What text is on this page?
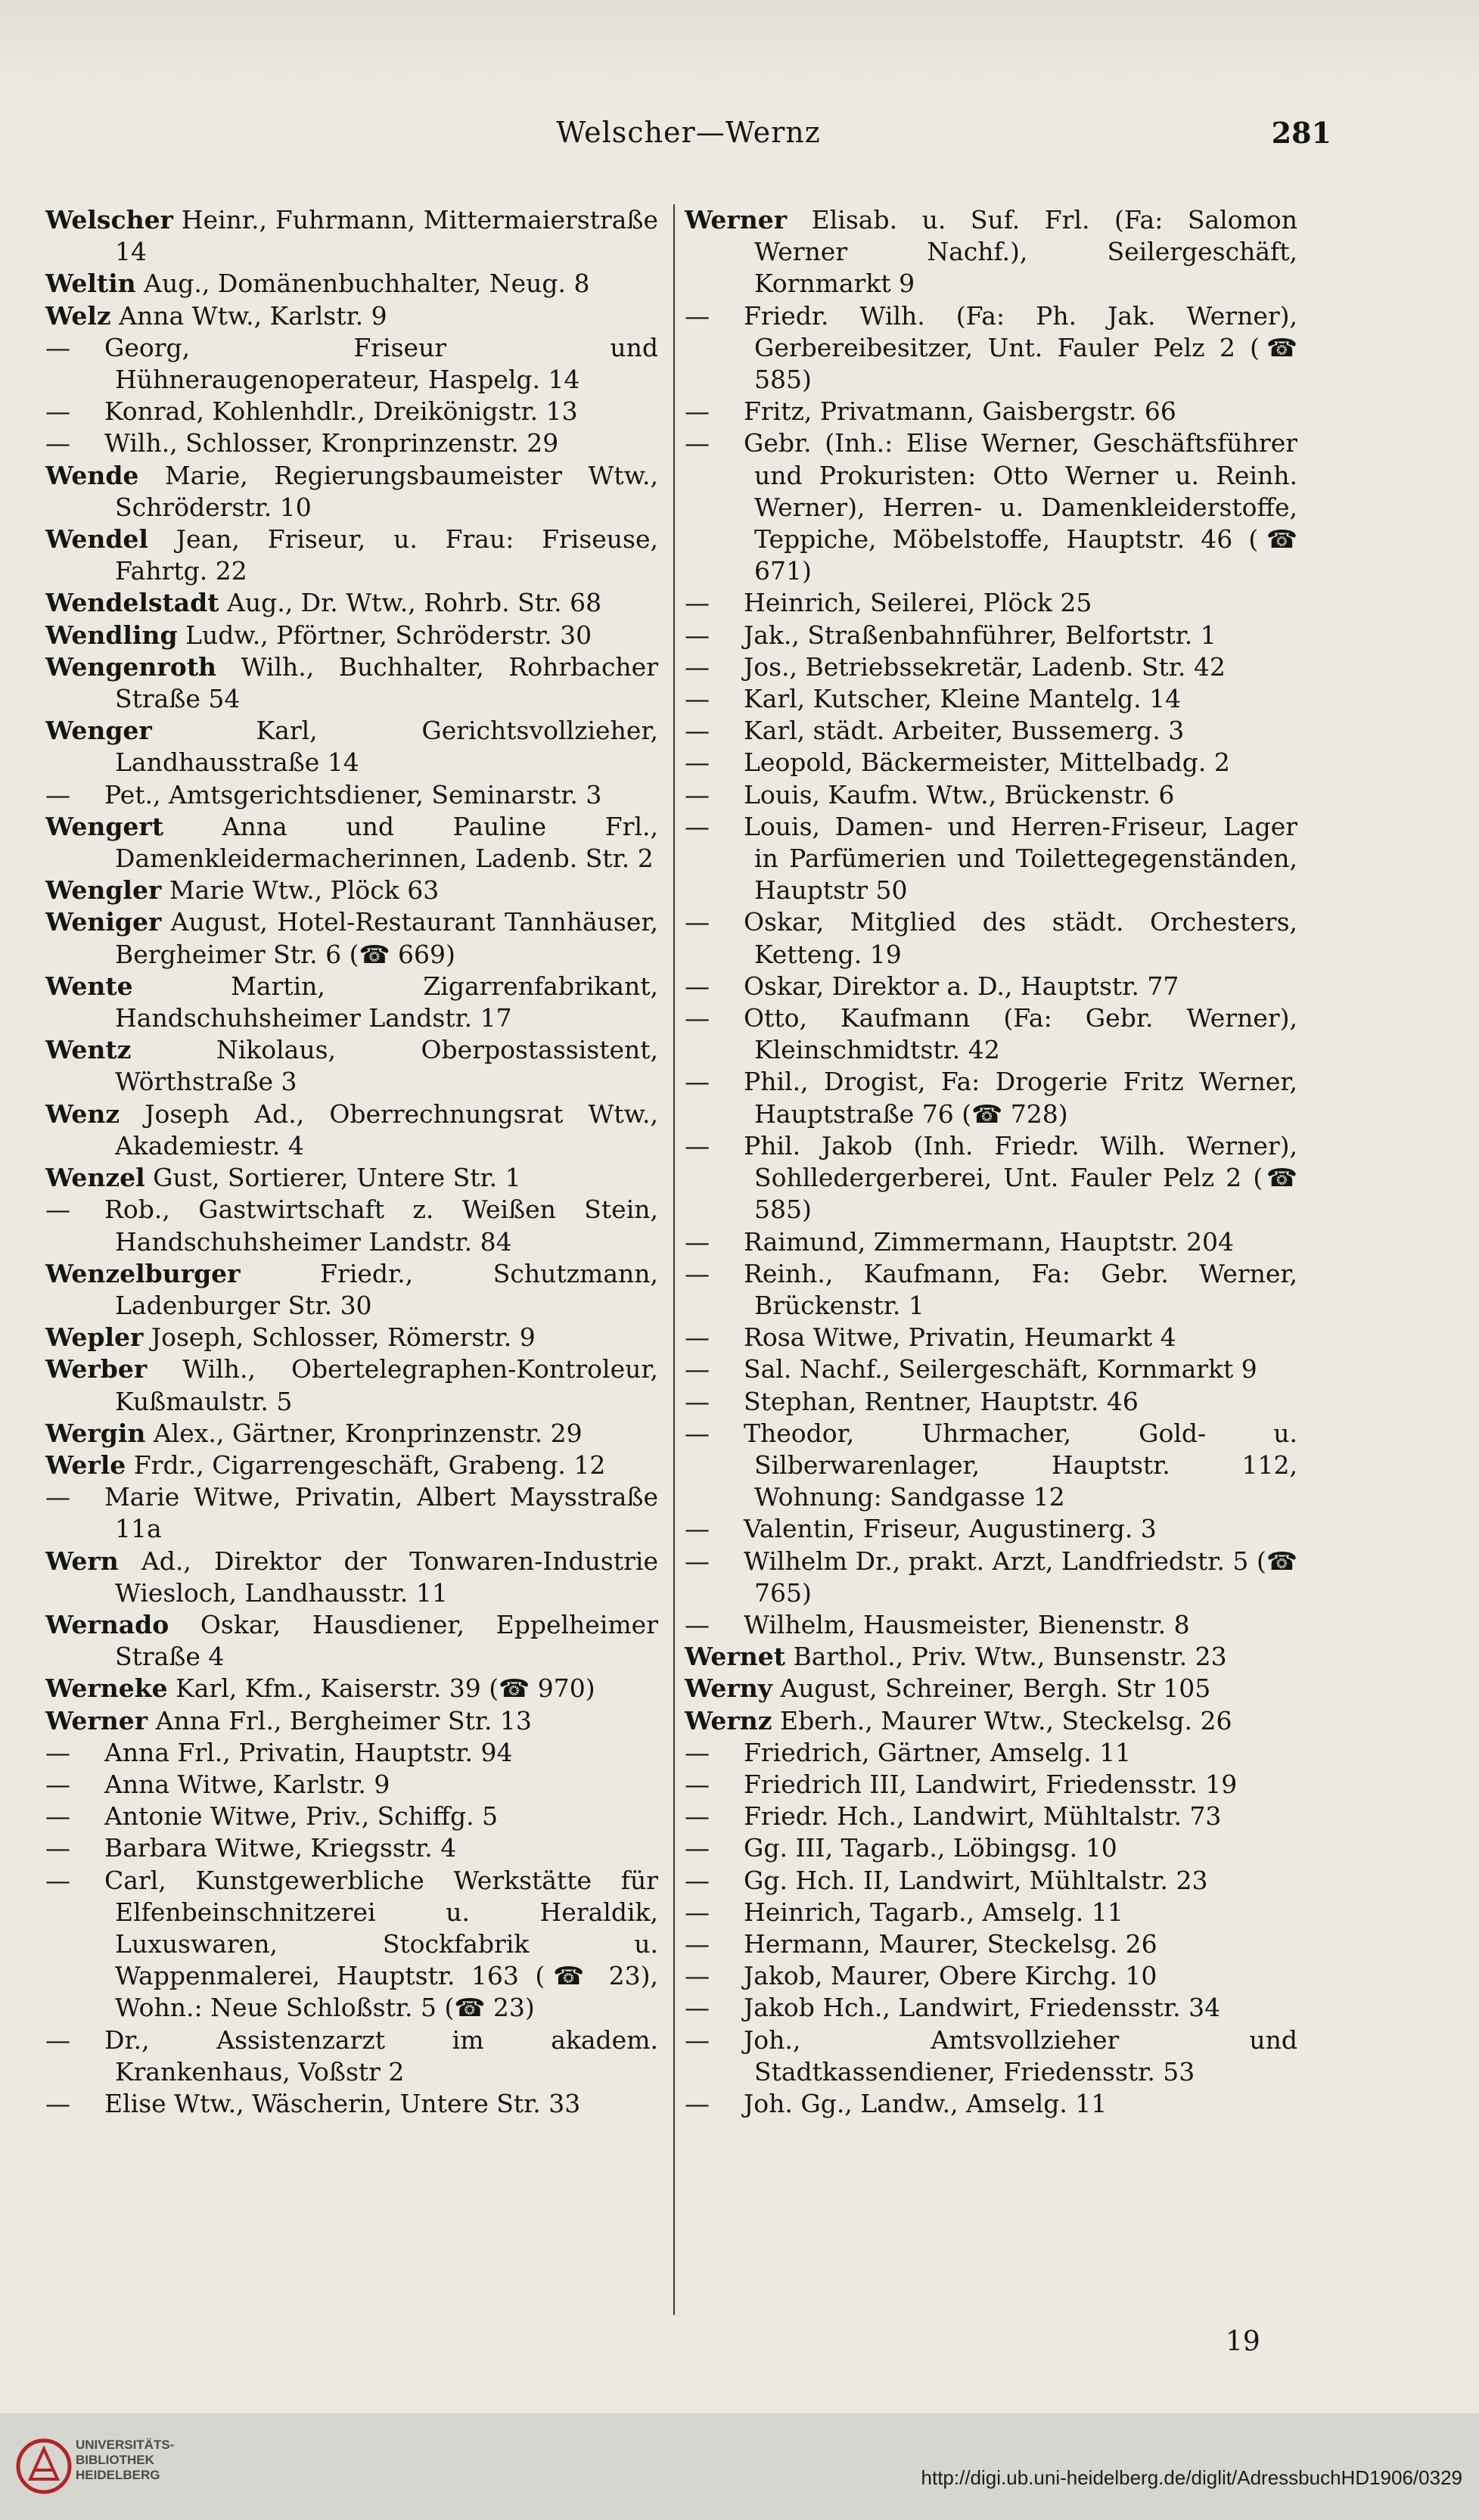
Welscher—Wernz	281
Welscher Heinr., Fuhrmann, Mittermaierstraße 14
Weltin Aug., Domänenbuchhalter, Neug. 8
Welz Anna Wtw., Karlstr. 9
— Georg, Friseur und Hühneraugenoperateur, Haspelg. 14
— Konrad, Kohlenhdlr., Dreikönigstr. 13
— Wilh., Schlosser, Kronprinzenstr. 29
Wende Marie, Regierungsbaumeister Wtw., Schröderstr. 10
Wendel Jean, Friseur, u. Frau: Friseuse, Fahrtg. 22
Wendelstadt Aug., Dr. Wtw., Rohrb. Str. 68
Wendling Ludw., Pförtner, Schröderstr. 30
Wengenroth Wilh., Buchhalter, Rohrbacher Straße 54
Wenger Karl, Gerichtsvollzieher, Landhausstraße 14
— Pet., Amtsgerichtsdiener, Seminarstr. 3
Wengert Anna und Pauline Frl., Damenkleidermacherinnen, Ladenb. Str. 2
Wengler Marie Wtw., Plöck 63
Weniger August, Hotel-Restaurant Tannhäuser, Bergheimer Str. 6 (☎ 669)
Wente Martin, Zigarrenfabrikant, Handschuhsheimer Landstr. 17
Wentz Nikolaus, Oberpostassistent, Wörthstraße 3
Wenz Joseph Ad., Oberrechnungsrat Wtw., Akademiestr. 4
Wenzel Gust, Sortierer, Untere Str. 1
— Rob., Gastwirtschaft z. Weißen Stein, Handschuhsheimer Landstr. 84
Wenzelburger Friedr., Schutzmann, Ladenburger Str. 30
Wepler Joseph, Schlosser, Römerstr. 9
Werber Wilh., Obertelegraphen-Kontroleur, Kußmaulstr. 5
Wergin Alex., Gärtner, Kronprinzenstr. 29
Werle Frdr., Cigarrengeschäft, Grabeng. 12
— Marie Witwe, Privatin, Albert Maysstraße 11a
Wern Ad., Direktor der Tonwaren-Industrie Wiesloch, Landhausstr. 11
Wernado Oskar, Hausdiener, Eppelheimer Straße 4
Werneke Karl, Kfm., Kaiserstr. 39 (☎ 970)
Werner Anna Frl., Bergheimer Str. 13
— Anna Frl., Privatin, Hauptstr. 94
— Anna Witwe, Karlstr. 9
— Antonie Witwe, Priv., Schiffg. 5
— Barbara Witwe, Kriegsstr. 4
— Carl, Kunstgewerbliche Werkstätte für Elfenbeinschnitzerei u. Heraldik, Luxuswaren, Stockfabrik u. Wappenmalerei, Hauptstr. 163 (☎ 23), Wohn.: Neue Schloßstr. 5 (☎ 23)
— Dr., Assistenzarzt im akadem. Krankenhaus, Voßstr 2
— Elise Wtw., Wäscherin, Untere Str. 33
Werner Elisab. u. Suf. Frl. (Fa: Salomon Werner Nachf.), Seilergeschäft, Kornmarkt 9
— Friedr. Wilh. (Fa: Ph. Jak. Werner), Gerbereibesitzer, Unt. Fauler Pelz 2 (☎ 585)
— Fritz, Privatmann, Gaisbergstr. 66
— Gebr. (Inh.: Elise Werner, Geschäftsführer und Prokuristen: Otto Werner u. Reinh. Werner), Herren- u. Damenkleiderstoffe, Teppiche, Möbelstoffe, Hauptstr. 46 (☎ 671)
— Heinrich, Seilerei, Plöck 25
— Jak., Straßenbahnführer, Belfortstr. 1
— Jos., Betriebssekretär, Ladenb. Str. 42
— Karl, Kutscher, Kleine Mantelg. 14
— Karl, städt. Arbeiter, Bussemerg. 3
— Leopold, Bäckermeister, Mittelbadg. 2
— Louis, Kaufm. Wtw., Brückenstr. 6
— Louis, Damen- und Herren-Friseur, Lager in Parfümerien und Toilettegegenständen, Hauptstr 50
— Oskar, Mitglied des städt. Orchesters, Ketteng. 19
— Oskar, Direktor a. D., Hauptstr. 77
— Otto, Kaufmann (Fa: Gebr. Werner), Kleinschmidtstr. 42
— Phil., Drogist, Fa: Drogerie Fritz Werner, Hauptstraße 76 (☎ 728)
— Phil. Jakob (Inh. Friedr. Wilh. Werner), Sohlledergerberei, Unt. Fauler Pelz 2 (☎ 585)
— Raimund, Zimmermann, Hauptstr. 204
— Reinh., Kaufmann, Fa: Gebr. Werner, Brückenstr. 1
— Rosa Witwe, Privatin, Heumarkt 4
— Sal. Nachf., Seilergeschäft, Kornmarkt 9
— Stephan, Rentner, Hauptstr. 46
— Theodor, Uhrmacher, Gold- u. Silberwarenlager, Hauptstr. 112, Wohnung: Sandgasse 12
— Valentin, Friseur, Augustinerg. 3
— Wilhelm Dr., prakt. Arzt, Landfriedstr. 5 (☎ 765)
— Wilhelm, Hausmeister, Bienenstr. 8
Wernet Barthol., Priv. Wtw., Bunsenstr. 23
Werny August, Schreiner, Bergh. Str 105
Wernz Eberh., Maurer Wtw., Steckelsg. 26
— Friedrich, Gärtner, Amselg. 11
— Friedrich III, Landwirt, Friedensstr. 19
— Friedr. Hch., Landwirt, Mühltalstr. 73
— Gg. III, Tagarb., Löbingsg. 10
— Gg. Hch. II, Landwirt, Mühltalstr. 23
— Heinrich, Tagarb., Amselg. 11
— Hermann, Maurer, Steckelsg. 26
— Jakob, Maurer, Obere Kirchg. 10
— Jakob Hch., Landwirt, Friedensstr. 34
— Joh., Amtsvollzieher und Stadtkassendiener, Friedensstr. 53
— Joh. Gg., Landw., Amselg. 11
19
UNIVERSITÄTS-
BIBLIOTHEK
HEIDELBERG	http://digi.ub.uni-heidelberg.de/diglit/AdressbuchHD1906/0329
